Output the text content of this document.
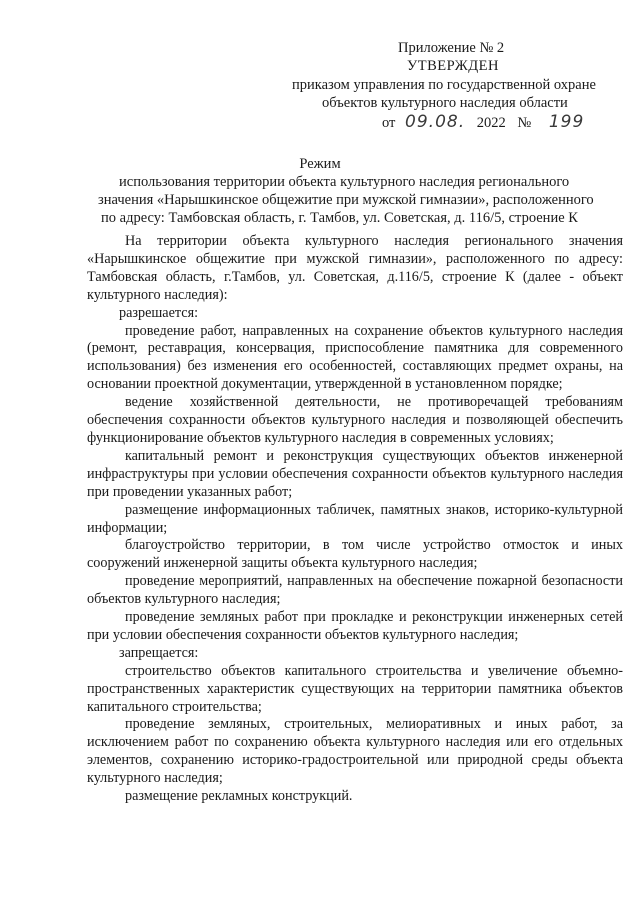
Приложение № 2
УТВЕРЖДЕН
приказом управления по государственной охране
объектов культурного наследия области
от 09.08. 2022 № 199
Режим
использования территории объекта культурного наследия регионального
значения «Нарышкинское общежитие при мужской гимназии», расположенного
по адресу: Тамбовская область, г. Тамбов, ул. Советская, д. 116/5, строение К

На территории объекта культурного наследия регионального значения «Нарышкинское общежитие при мужской гимназии», расположенного по адресу: Тамбовская область, г.Тамбов, ул. Советская, д.116/5, строение К (далее - объект культурного наследия):

разрешается:

проведение работ, направленных на сохранение объектов культурного наследия (ремонт, реставрация, консервация, приспособление памятника для современного использования) без изменения его особенностей, составляющих предмет охраны, на основании проектной документации, утвержденной в установленном порядке;

ведение хозяйственной деятельности, не противоречащей требованиям обеспечения сохранности объектов культурного наследия и позволяющей обеспечить функционирование объектов культурного наследия в современных условиях;

капитальный ремонт и реконструкция существующих объектов инженерной инфраструктуры при условии обеспечения сохранности объектов культурного наследия при проведении указанных работ;

размещение информационных табличек, памятных знаков, историко-культурной информации;

благоустройство территории, в том числе устройство отмосток и иных сооружений инженерной защиты объекта культурного наследия;

проведение мероприятий, направленных на обеспечение пожарной безопасности объектов культурного наследия;

проведение земляных работ при прокладке и реконструкции инженерных сетей при условии обеспечения сохранности объектов культурного наследия;

запрещается:

строительство объектов капитального строительства и увеличение объемно-пространственных характеристик существующих на территории памятника объектов капитального строительства;

проведение земляных, строительных, мелиоративных и иных работ, за исключением работ по сохранению объекта культурного наследия или его отдельных элементов, сохранению историко-градостроительной или природной среды объекта культурного наследия;

размещение рекламных конструкций.
